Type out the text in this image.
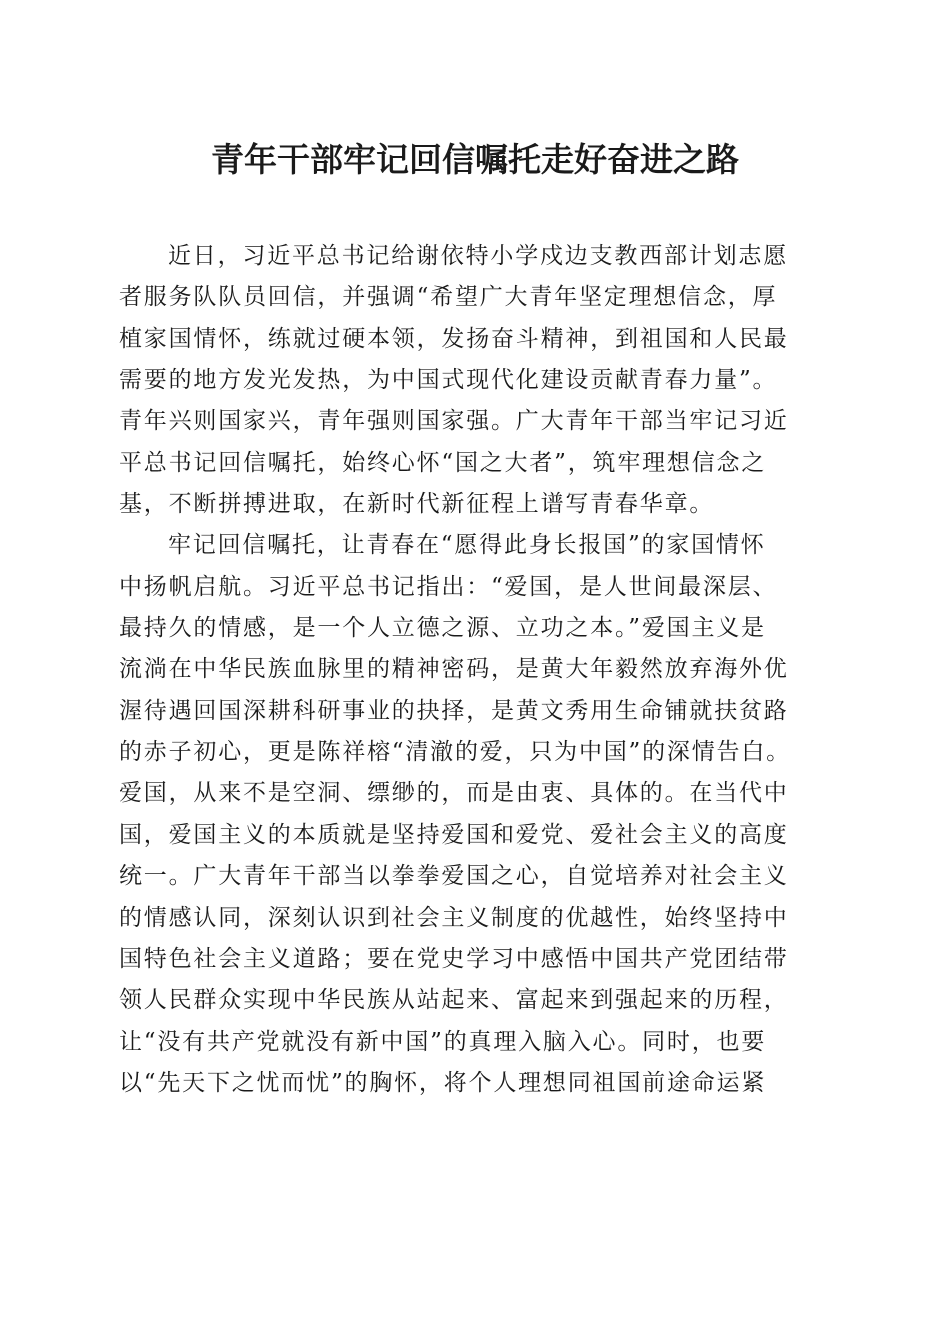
青年干部牢记回信嘱托走好奋进之路
近日，习近平总书记给谢依特小学戍边支教西部计划志愿
者服务队队员回信，并强调“希望广大青年坚定理想信念，厚
植家国情怀，练就过硬本领，发扬奋斗精神，到祖国和人民最
需要的地方发光发热，为中国式现代化建设贡献青春力量”。
青年兴则国家兴，青年强则国家强。广大青年干部当牢记习近
平总书记回信嘱托，始终心怀“国之大者”，筑牢理想信念之
基，不断拼搏进取，在新时代新征程上谱写青春华章。
牢记回信嘱托，让青春在“愿得此身长报国”的家国情怀
中扬帆启航。习近平总书记指出：“爱国，是人世间最深层、
最持久的情感，是一个人立德之源、立功之本。”爱国主义是
流淌在中华民族血脉里的精神密码，是黄大年毅然放弃海外优
渥待遇回国深耕科研事业的抉择，是黄文秀用生命铺就扶贫路
的赤子初心，更是陈祥榕“清澈的爱，只为中国”的深情告白。
爱国，从来不是空洞、缥缈的，而是由衷、具体的。在当代中
国，爱国主义的本质就是坚持爱国和爱党、爱社会主义的高度
统一。广大青年干部当以拳拳爱国之心，自觉培养对社会主义
的情感认同，深刻认识到社会主义制度的优越性，始终坚持中
国特色社会主义道路；要在党史学习中感悟中国共产党团结带
领人民群众实现中华民族从站起来、富起来到强起来的历程，
让“没有共产党就没有新中国”的真理入脑入心。同时，也要
以“先天下之忧而忧”的胸怀，将个人理想同祖国前途命运紧
